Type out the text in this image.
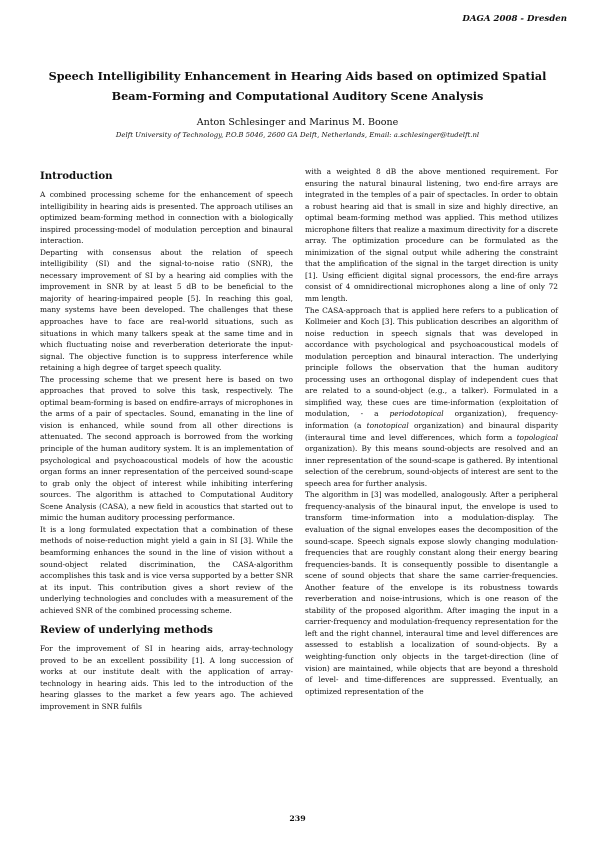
DAGA 2008 - Dresden
Speech Intelligibility Enhancement in Hearing Aids based on optimized Spatial
Beam-Forming and Computational Auditory Scene Analysis
Anton Schlesinger and Marinus M. Boone
Delft University of Technology, P.O.B 5046, 2600 GA Delft, Netherlands, Email: a.schlesinger@tudelft.nl
Introduction

A combined processing scheme for the enhancement of speech intelligibility in hearing aids is presented. The approach utilises an optimized beam-forming method in connection with a biologically inspired processing-model of modulation perception and binaural interaction.

Departing with consensus about the relation of speech intelligibility (SI) and the signal-to-noise ratio (SNR), the necessary improvement of SI by a hearing aid complies with the improvement in SNR by at least 5 dB to be beneficial to the majority of hearing-impaired people [5]. In reaching this goal, many systems have been developed. The challenges that these approaches have to face are real-world situations, such as situations in which many talkers speak at the same time and in which fluctuating noise and reverberation deteriorate the input-signal. The objective function is to suppress interference while retaining a high degree of target speech quality.

The processing scheme that we present here is based on two approaches that proved to solve this task, respectively. The optimal beam-forming is based on endfire-arrays of microphones in the arms of a pair of spectacles. Sound, emanating in the line of vision is enhanced, while sound from all other directions is attenuated. The second approach is borrowed from the working principle of the human auditory system. It is an implementation of psychological and psychoacoustical models of how the acoustic organ forms an inner representation of the perceived sound-scape to grab only the object of interest while inhibiting interfering sources. The algorithm is attached to Computational Auditory Scene Analysis (CASA), a new field in acoustics that started out to mimic the human auditory processing performance.

It is a long formulated expectation that a combination of these methods of noise-reduction might yield a gain in SI [3]. While the beamforming enhances the sound in the line of vision without a sound-object related discrimination, the CASA-algorithm accomplishes this task and is vice versa supported by a better SNR at its input. This contribution gives a short review of the underlying technologies and concludes with a measurement of the achieved SNR of the combined processing scheme.

Review of underlying methods

For the improvement of SI in hearing aids, array-technology proved to be an excellent possibility [1]. A long succession of works at our institute dealt with the application of array-technology in hearing aids. This led to the introduction of the hearing glasses to the market a few years ago. The achieved improvement in SNR fulfils

with a weighted 8 dB the above mentioned requirement. For ensuring the natural binaural listening, two end-fire arrays are integrated in the temples of a pair of spectacles. In order to obtain a robust hearing aid that is small in size and highly directive, an optimal beam-forming method was applied. This method utilizes microphone filters that realize a maximum directivity for a discrete array. The optimization procedure can be formulated as the minimization of the signal output while adhering the constraint that the amplification of the signal in the target direction is unity [1]. Using efficient digital signal processors, the end-fire arrays consist of 4 omnidirectional microphones along a line of only 72 mm length.

The CASA-approach that is applied here refers to a publication of Kollmeier and Koch [3]. This publication describes an algorithm of noise reduction in speech signals that was developed in accordance with psychological and psychoacoustical models of modulation perception and binaural interaction. The underlying principle follows the observation that the human auditory processing uses an orthogonal display of independent cues that are related to a sound-object (e.g., a talker). Formulated in a simplified way, these cues are time-information (exploitation of modulation, - a periodotopical organization), frequency-information (a tonotopical organization) and binaural disparity (interaural time and level differences, which form a topological organization). By this means sound-objects are resolved and an inner representation of the sound-scape is gathered. By intentional selection of the cerebrum, sound-objects of interest are sent to the speech area for further analysis.

The algorithm in [3] was modelled, analogously. After a peripheral frequency-analysis of the binaural input, the envelope is used to transform time-information into a modulation-display. The evaluation of the signal envelopes eases the decomposition of the sound-scape. Speech signals expose slowly changing modulation-frequencies that are roughly constant along their energy bearing frequencies-bands. It is consequently possible to disentangle a scene of sound objects that share the same carrier-frequencies. Another feature of the envelope is its robustness towards reverberation and noise-intrusions, which is one reason of the stability of the proposed algorithm. After imaging the input in a carrier-frequency and modulation-frequency representation for the left and the right channel, interaural time and level differences are assessed to establish a localization of sound-objects. By a weighting-function only objects in the target-direction (line of vision) are maintained, while objects that are beyond a threshold of level- and time-differences are suppressed. Eventually, an optimized representation of the

239
